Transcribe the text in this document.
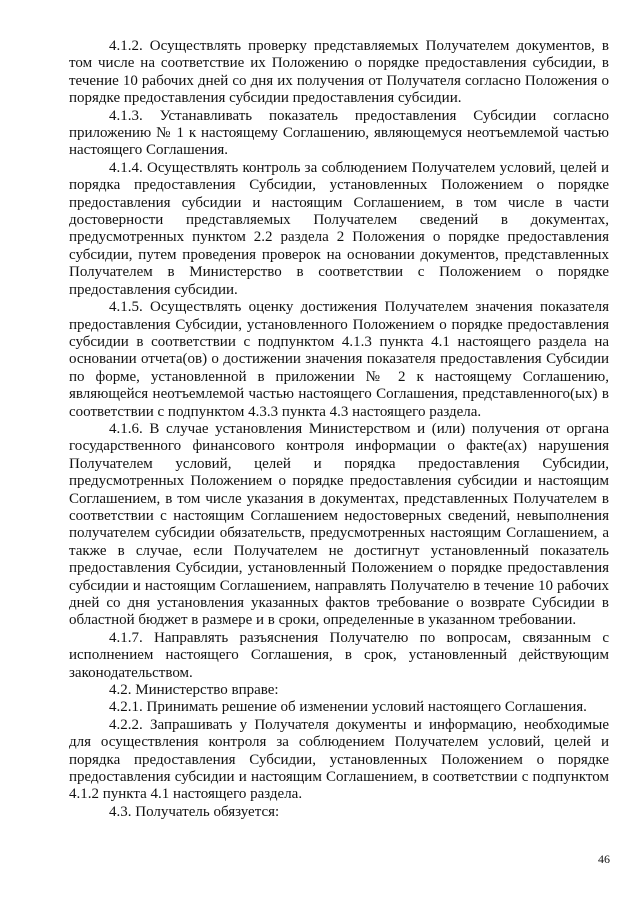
4.1.2. Осуществлять проверку представляемых Получателем документов, в том числе на соответствие их Положению о порядке предоставления субсидии, в течение 10 рабочих дней со дня их получения от Получателя согласно Положения о порядке предоставления субсидии предоставления субсидии.

4.1.3. Устанавливать показатель предоставления Субсидии согласно приложению № 1 к настоящему Соглашению, являющемуся неотъемлемой частью настоящего Соглашения.

4.1.4. Осуществлять контроль за соблюдением Получателем условий, целей и порядка предоставления Субсидии, установленных Положением о порядке предоставления субсидии и настоящим Соглашением, в том числе в части достоверности представляемых Получателем сведений в документах, предусмотренных пунктом 2.2 раздела 2 Положения о порядке предоставления субсидии, путем проведения проверок на основании документов, представленных Получателем в Министерство в соответствии с Положением о порядке предоставления субсидии.

4.1.5. Осуществлять оценку достижения Получателем значения показателя предоставления Субсидии, установленного Положением о порядке предоставления субсидии в соответствии с подпунктом 4.1.3 пункта 4.1 настоящего раздела на основании отчета(ов) о достижении значения показателя предоставления Субсидии по форме, установленной в приложении № 2 к настоящему Соглашению, являющейся неотъемлемой частью настоящего Соглашения, представленного(ых) в соответствии с подпунктом 4.3.3 пункта 4.3 настоящего раздела.

4.1.6. В случае установления Министерством и (или) получения от органа государственного финансового контроля информации о факте(ах) нарушения Получателем условий, целей и порядка предоставления Субсидии, предусмотренных Положением о порядке предоставления субсидии и настоящим Соглашением, в том числе указания в документах, представленных Получателем в соответствии с настоящим Соглашением недостоверных сведений, невыполнения получателем субсидии обязательств, предусмотренных настоящим Соглашением, а также в случае, если Получателем не достигнут установленный показатель предоставления Субсидии, установленный Положением о порядке предоставления субсидии и настоящим Соглашением, направлять Получателю в течение 10 рабочих дней со дня установления указанных фактов требование о возврате Субсидии в областной бюджет в размере и в сроки, определенные в указанном требовании.

4.1.7. Направлять разъяснения Получателю по вопросам, связанным с исполнением настоящего Соглашения, в срок, установленный действующим законодательством.

4.2. Министерство вправе:

4.2.1. Принимать решение об изменении условий настоящего Соглашения.

4.2.2. Запрашивать у Получателя документы и информацию, необходимые для осуществления контроля за соблюдением Получателем условий, целей и порядка предоставления Субсидии, установленных Положением о порядке предоставления субсидии и настоящим Соглашением, в соответствии с подпунктом 4.1.2 пункта 4.1 настоящего раздела.

4.3. Получатель обязуется:

46
